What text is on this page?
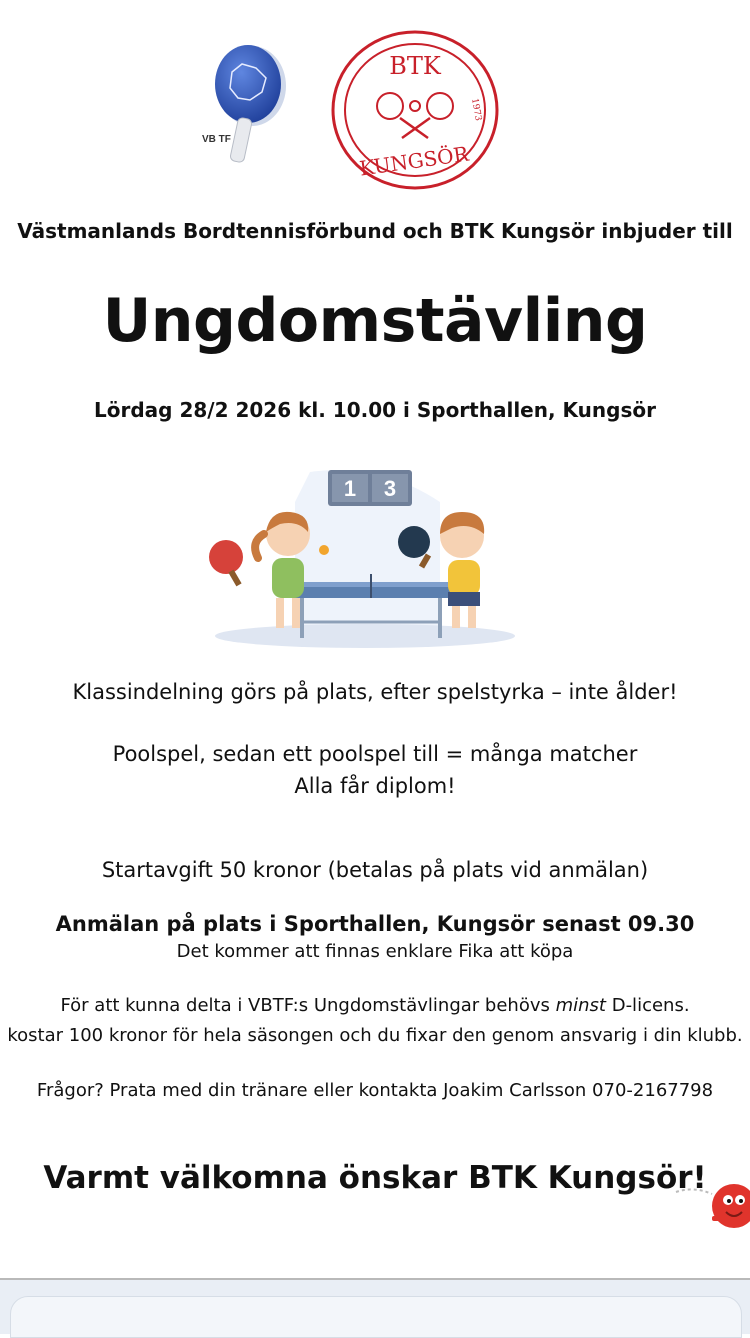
VB TF
BTK
1973
KUNGSÖR
Västmanlands Bordtennisförbund och BTK Kungsör inbjuder till
Ungdomstävling
Lördag 28/2 2026 kl. 10.00 i Sporthallen, Kungsör
1 3
Klassindelning görs på plats, efter spelstyrka – inte ålder!
Poolspel, sedan ett poolspel till = många matcher
Alla får diplom!
Startavgift 50 kronor (betalas på plats vid anmälan)
Anmälan på plats i Sporthallen, Kungsör senast 09.30
Det kommer att finnas enklare Fika att köpa
För att kunna delta i VBTF:s Ungdomstävlingar behövs minst D-licens.
kostar 100 kronor för hela säsongen och du fixar den genom ansvarig i din klubb.
Frågor? Prata med din tränare eller kontakta Joakim Carlsson 070-2167798
Varmt välkomna önskar BTK Kungsör!
